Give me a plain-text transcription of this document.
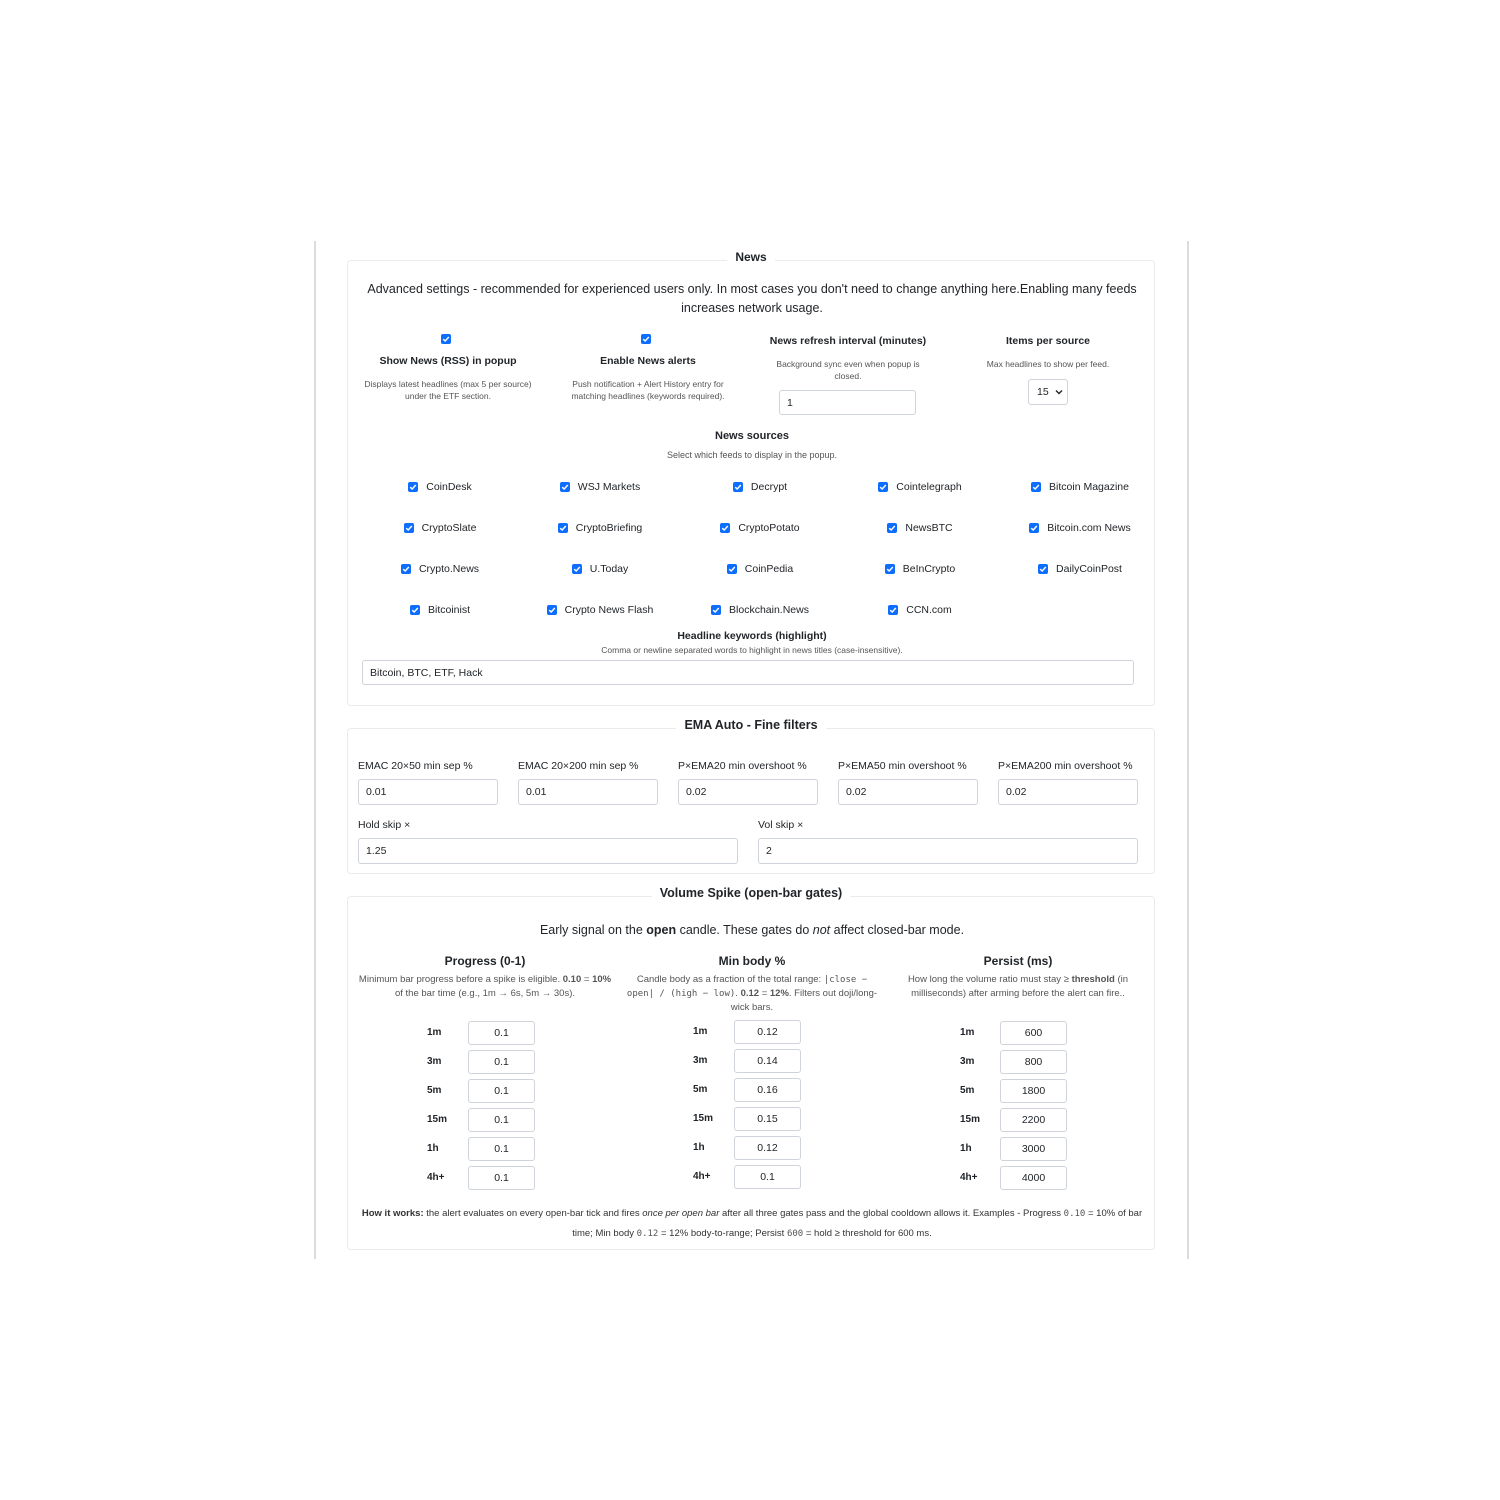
News
Advanced settings - recommended for experienced users only. In most cases you don't need to change anything here.Enabling many feeds increases network usage.
Show News (RSS) in popup
Displays latest headlines (max 5 per source) under the ETF section.
Enable News alerts
Push notification + Alert History entry for matching headlines (keywords required).
News refresh interval (minutes)
Background sync even when popup is closed.
1
Items per source
Max headlines to show per feed.
15
News sources
Select which feeds to display in the popup.
CoinDesk	WSJ Markets	Decrypt	Cointelegraph	Bitcoin Magazine
CryptoSlate	CryptoBriefing	CryptoPotato	NewsBTC	Bitcoin.com News
Crypto.News	U.Today	CoinPedia	BeInCrypto	DailyCoinPost
Bitcoinist	Crypto News Flash	Blockchain.News	CCN.com
Headline keywords (highlight)
Comma or newline separated words to highlight in news titles (case-insensitive).
Bitcoin, BTC, ETF, Hack
EMA Auto - Fine filters
EMAC 20×50 min sep %
0.01
EMAC 20×200 min sep %
0.01
P×EMA20 min overshoot %
0.02
P×EMA50 min overshoot %
0.02
P×EMA200 min overshoot %
0.02
Hold skip ×
1.25
Vol skip ×
2
Volume Spike (open-bar gates)
Early signal on the open candle. These gates do not affect closed-bar mode.
Progress (0-1)
Minimum bar progress before a spike is eligible. 0.10 = 10% of the bar time (e.g., 1m → 6s, 5m → 30s).
Min body %
Candle body as a fraction of the total range: |close − open| / (high − low). 0.12 = 12%. Filters out doji/long-wick bars.
Persist (ms)
How long the volume ratio must stay ≥ threshold (in milliseconds) after arming before the alert can fire..
1m	0.1
3m	0.1
5m	0.1
15m	0.1
1h	0.1
4h+	0.1
1m	0.12
3m	0.14
5m	0.16
15m	0.15
1h	0.12
4h+	0.1
1m	600
3m	800
5m	1800
15m	2200
1h	3000
4h+	4000
How it works: the alert evaluates on every open-bar tick and fires once per open bar after all three gates pass and the global cooldown allows it. Examples - Progress 0.10 = 10% of bar time; Min body 0.12 = 12% body-to-range; Persist 600 = hold ≥ threshold for 600 ms.
